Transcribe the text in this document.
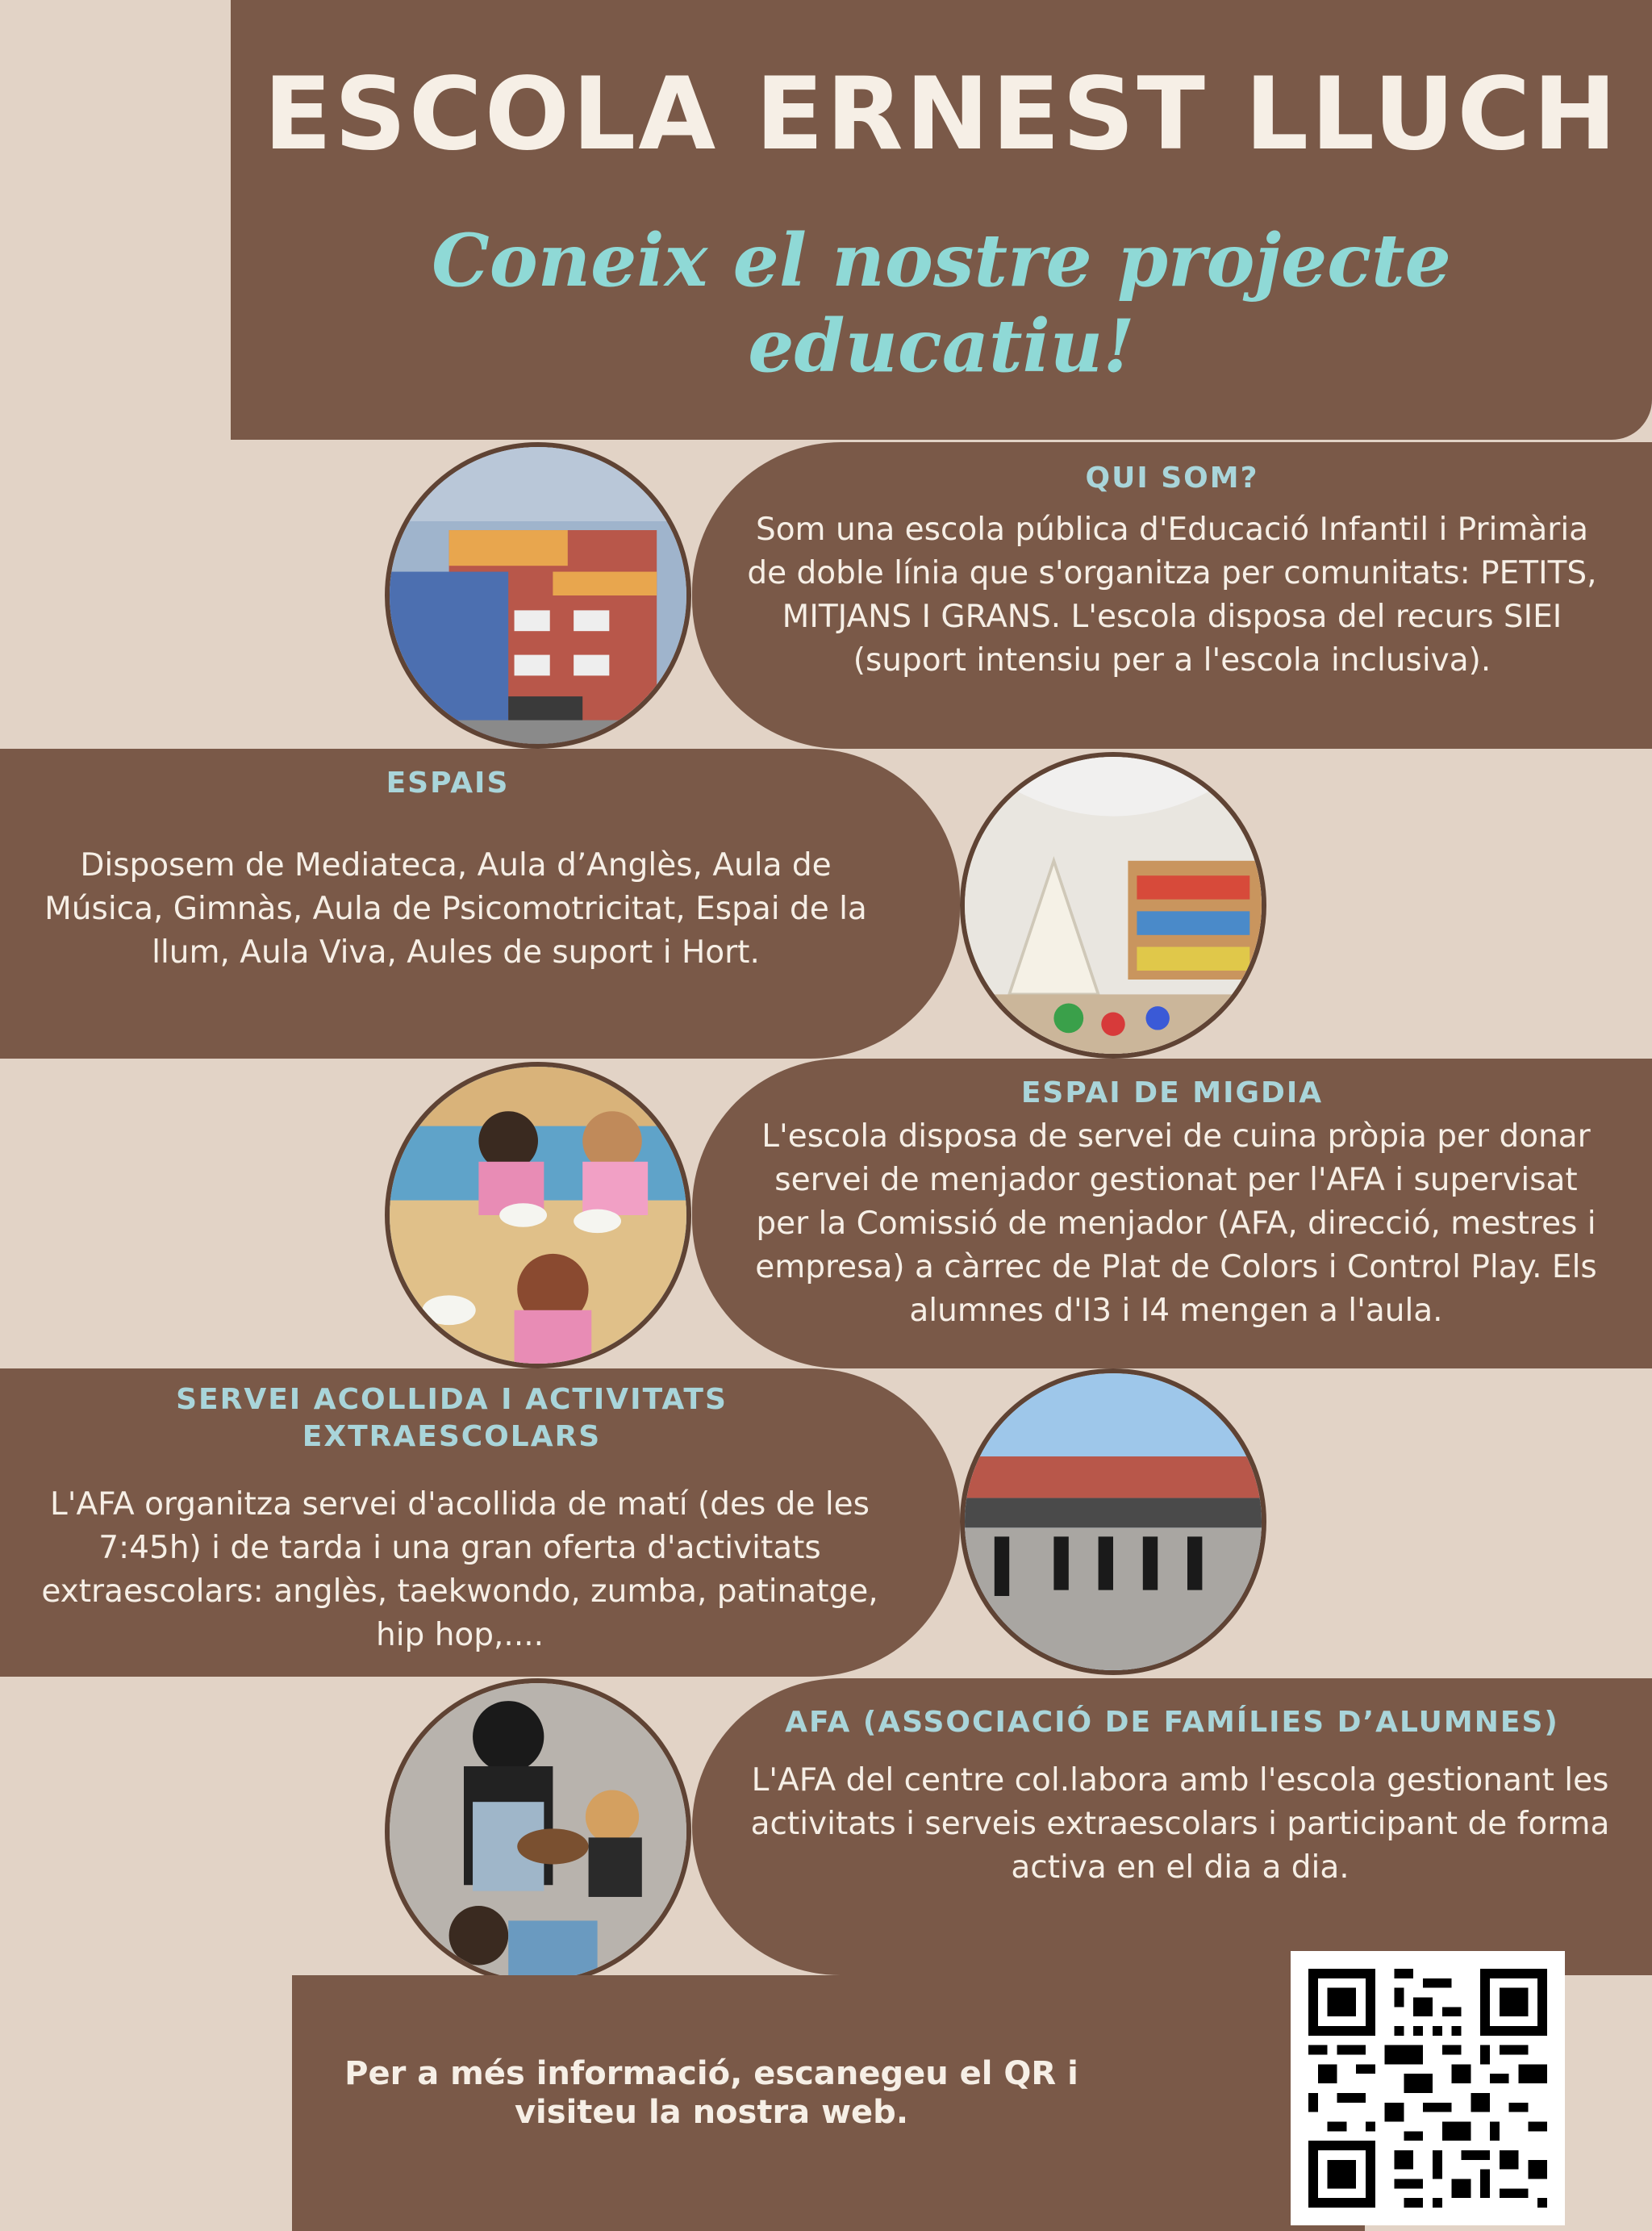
ESCOLA ERNEST LLUCH
Coneix el nostre projecte educatiu!
QUI SOM?
Som una escola pública d'Educació Infantil i Primària de doble línia que s'organitza per comunitats: PETITS, MITJANS I GRANS. L'escola disposa del recurs SIEI (suport intensiu per a l'escola inclusiva).
ESPAIS
Disposem de Mediateca, Aula d’Anglès, Aula de Música, Gimnàs, Aula de Psicomotricitat, Espai de la llum, Aula Viva, Aules de suport i Hort.
ESPAI DE MIGDIA
L'escola disposa de servei de cuina pròpia per donar servei de menjador gestionat per l'AFA i supervisat per la Comissió de menjador (AFA, direcció, mestres i empresa) a càrrec de Plat de Colors i Control Play. Els alumnes d'I3 i I4 mengen a l'aula.
SERVEI ACOLLIDA I ACTIVITATS EXTRAESCOLARS
L'AFA organitza servei d'acollida de matí (des de les 7:45h) i de tarda i una gran oferta d'activitats extraescolars: anglès, taekwondo, zumba, patinatge, hip hop,....
AFA (ASSOCIACIÓ DE FAMÍLIES D’ALUMNES)
L'AFA del centre col.labora amb l'escola gestionant les activitats i serveis extraescolars i participant de forma activa en el dia a dia.
Per a més informació, escanegeu el QR i visiteu la nostra web.
